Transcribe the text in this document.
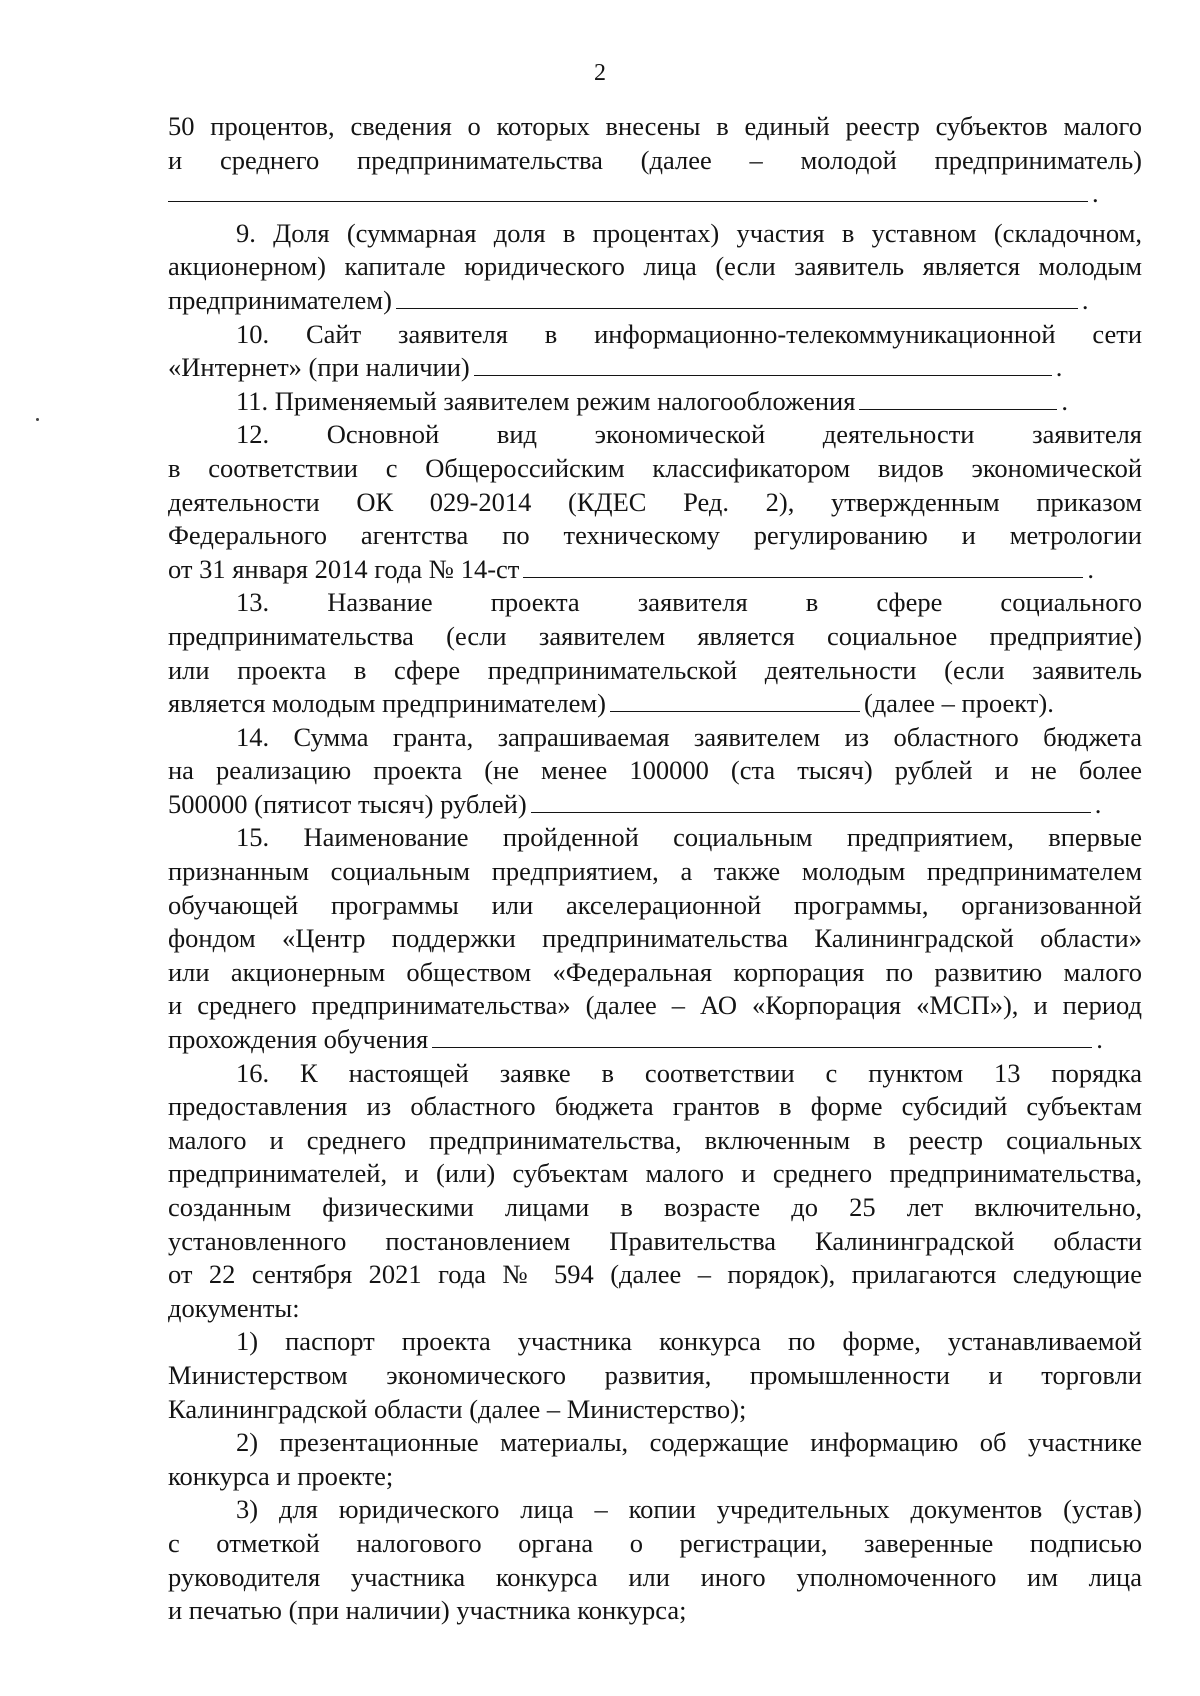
2
50 процентов, сведения о которых внесены в единый реестр субъектов малого
и среднего предпринимательства (далее – молодой предприниматель)
.
9. Доля (суммарная доля в процентах) участия в уставном (складочном,
акционерном) капитале юридического лица (если заявитель является молодым
предпринимателем)	.
10. Сайт заявителя в информационно-телекоммуникационной сети
«Интернет» (при наличии)	.
11. Применяемый заявителем режим налогообложения	.
12. Основной вид экономической деятельности заявителя
в соответствии с Общероссийским классификатором видов экономической
деятельности ОК 029-2014 (КДЕС Ред. 2), утвержденным приказом
Федерального агентства по техническому регулированию и метрологии
от 31 января 2014 года № 14-ст	.
13. Название проекта заявителя в сфере социального
предпринимательства (если заявителем является социальное предприятие)
или проекта в сфере предпринимательской деятельности (если заявитель
является молодым предпринимателем)	(далее – проект).
14. Сумма гранта, запрашиваемая заявителем из областного бюджета
на реализацию проекта (не менее 100000 (ста тысяч) рублей и не более
500000 (пятисот тысяч) рублей)	.
15. Наименование пройденной социальным предприятием, впервые
признанным социальным предприятием, а также молодым предпринимателем
обучающей программы или акселерационной программы, организованной
фондом «Центр поддержки предпринимательства Калининградской области»
или акционерным обществом «Федеральная корпорация по развитию малого
и среднего предпринимательства» (далее – АО «Корпорация «МСП»), и период
прохождения обучения	.
16. К настоящей заявке в соответствии с пунктом 13 порядка
предоставления из областного бюджета грантов в форме субсидий субъектам
малого и среднего предпринимательства, включенным в реестр социальных
предпринимателей, и (или) субъектам малого и среднего предпринимательства,
созданным физическими лицами в возрасте до 25 лет включительно,
установленного постановлением Правительства Калининградской области
от 22 сентября 2021 года № 594 (далее – порядок), прилагаются следующие
документы:
1) паспорт проекта участника конкурса по форме, устанавливаемой
Министерством экономического развития, промышленности и торговли
Калининградской области (далее – Министерство);
2) презентационные материалы, содержащие информацию об участнике
конкурса и проекте;
3) для юридического лица – копии учредительных документов (устав)
с отметкой налогового органа о регистрации, заверенные подписью
руководителя участника конкурса или иного уполномоченного им лица
и печатью (при наличии) участника конкурса;
